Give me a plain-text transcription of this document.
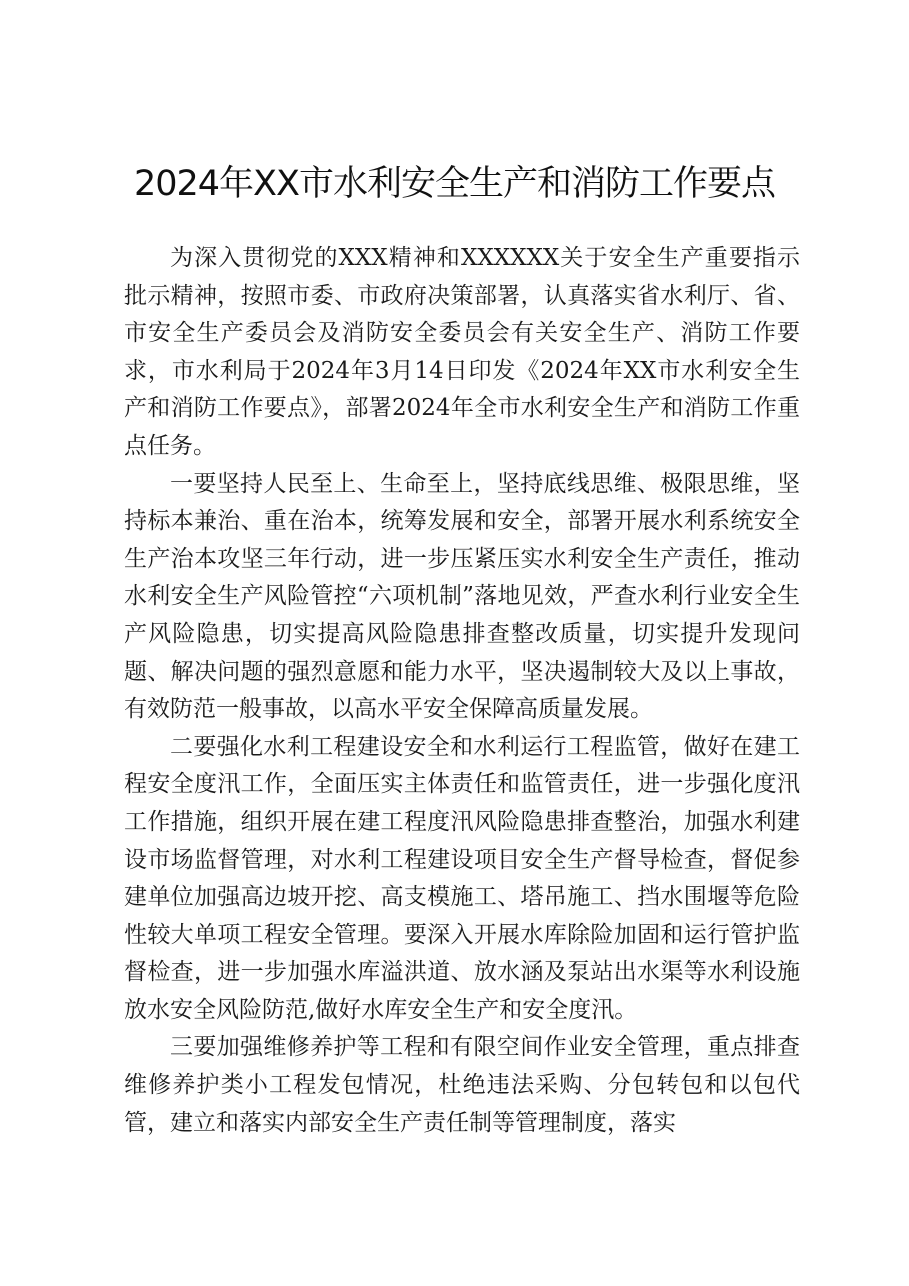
2024年XX市水利安全生产和消防工作要点

为深入贯彻党的XXX精神和XXXXXX关于安全生产重要指示批示精神，按照市委、市政府决策部署，认真落实省水利厅、省、市安全生产委员会及消防安全委员会有关安全生产、消防工作要求，市水利局于2024年3月14日印发《2024年XX市水利安全生产和消防工作要点》，部署2024年全市水利安全生产和消防工作重点任务。

一要坚持人民至上、生命至上，坚持底线思维、极限思维，坚持标本兼治、重在治本，统筹发展和安全，部署开展水利系统安全生产治本攻坚三年行动，进一步压紧压实水利安全生产责任，推动水利安全生产风险管控“六项机制”落地见效，严查水利行业安全生产风险隐患，切实提高风险隐患排查整改质量，切实提升发现问题、解决问题的强烈意愿和能力水平，坚决遏制较大及以上事故，有效防范一般事故，以高水平安全保障高质量发展。

二要强化水利工程建设安全和水利运行工程监管，做好在建工程安全度汛工作，全面压实主体责任和监管责任，进一步强化度汛工作措施，组织开展在建工程度汛风险隐患排查整治，加强水利建设市场监督管理，对水利工程建设项目安全生产督导检查，督促参建单位加强高边坡开挖、高支模施工、塔吊施工、挡水围堰等危险性较大单项工程安全管理。要深入开展水库除险加固和运行管护监督检查，进一步加强水库溢洪道、放水涵及泵站出水渠等水利设施放水安全风险防范,做好水库安全生产和安全度汛。

三要加强维修养护等工程和有限空间作业安全管理，重点排查维修养护类小工程发包情况，杜绝违法采购、分包转包和以包代管，建立和落实内部安全生产责任制等管理制度，落实
